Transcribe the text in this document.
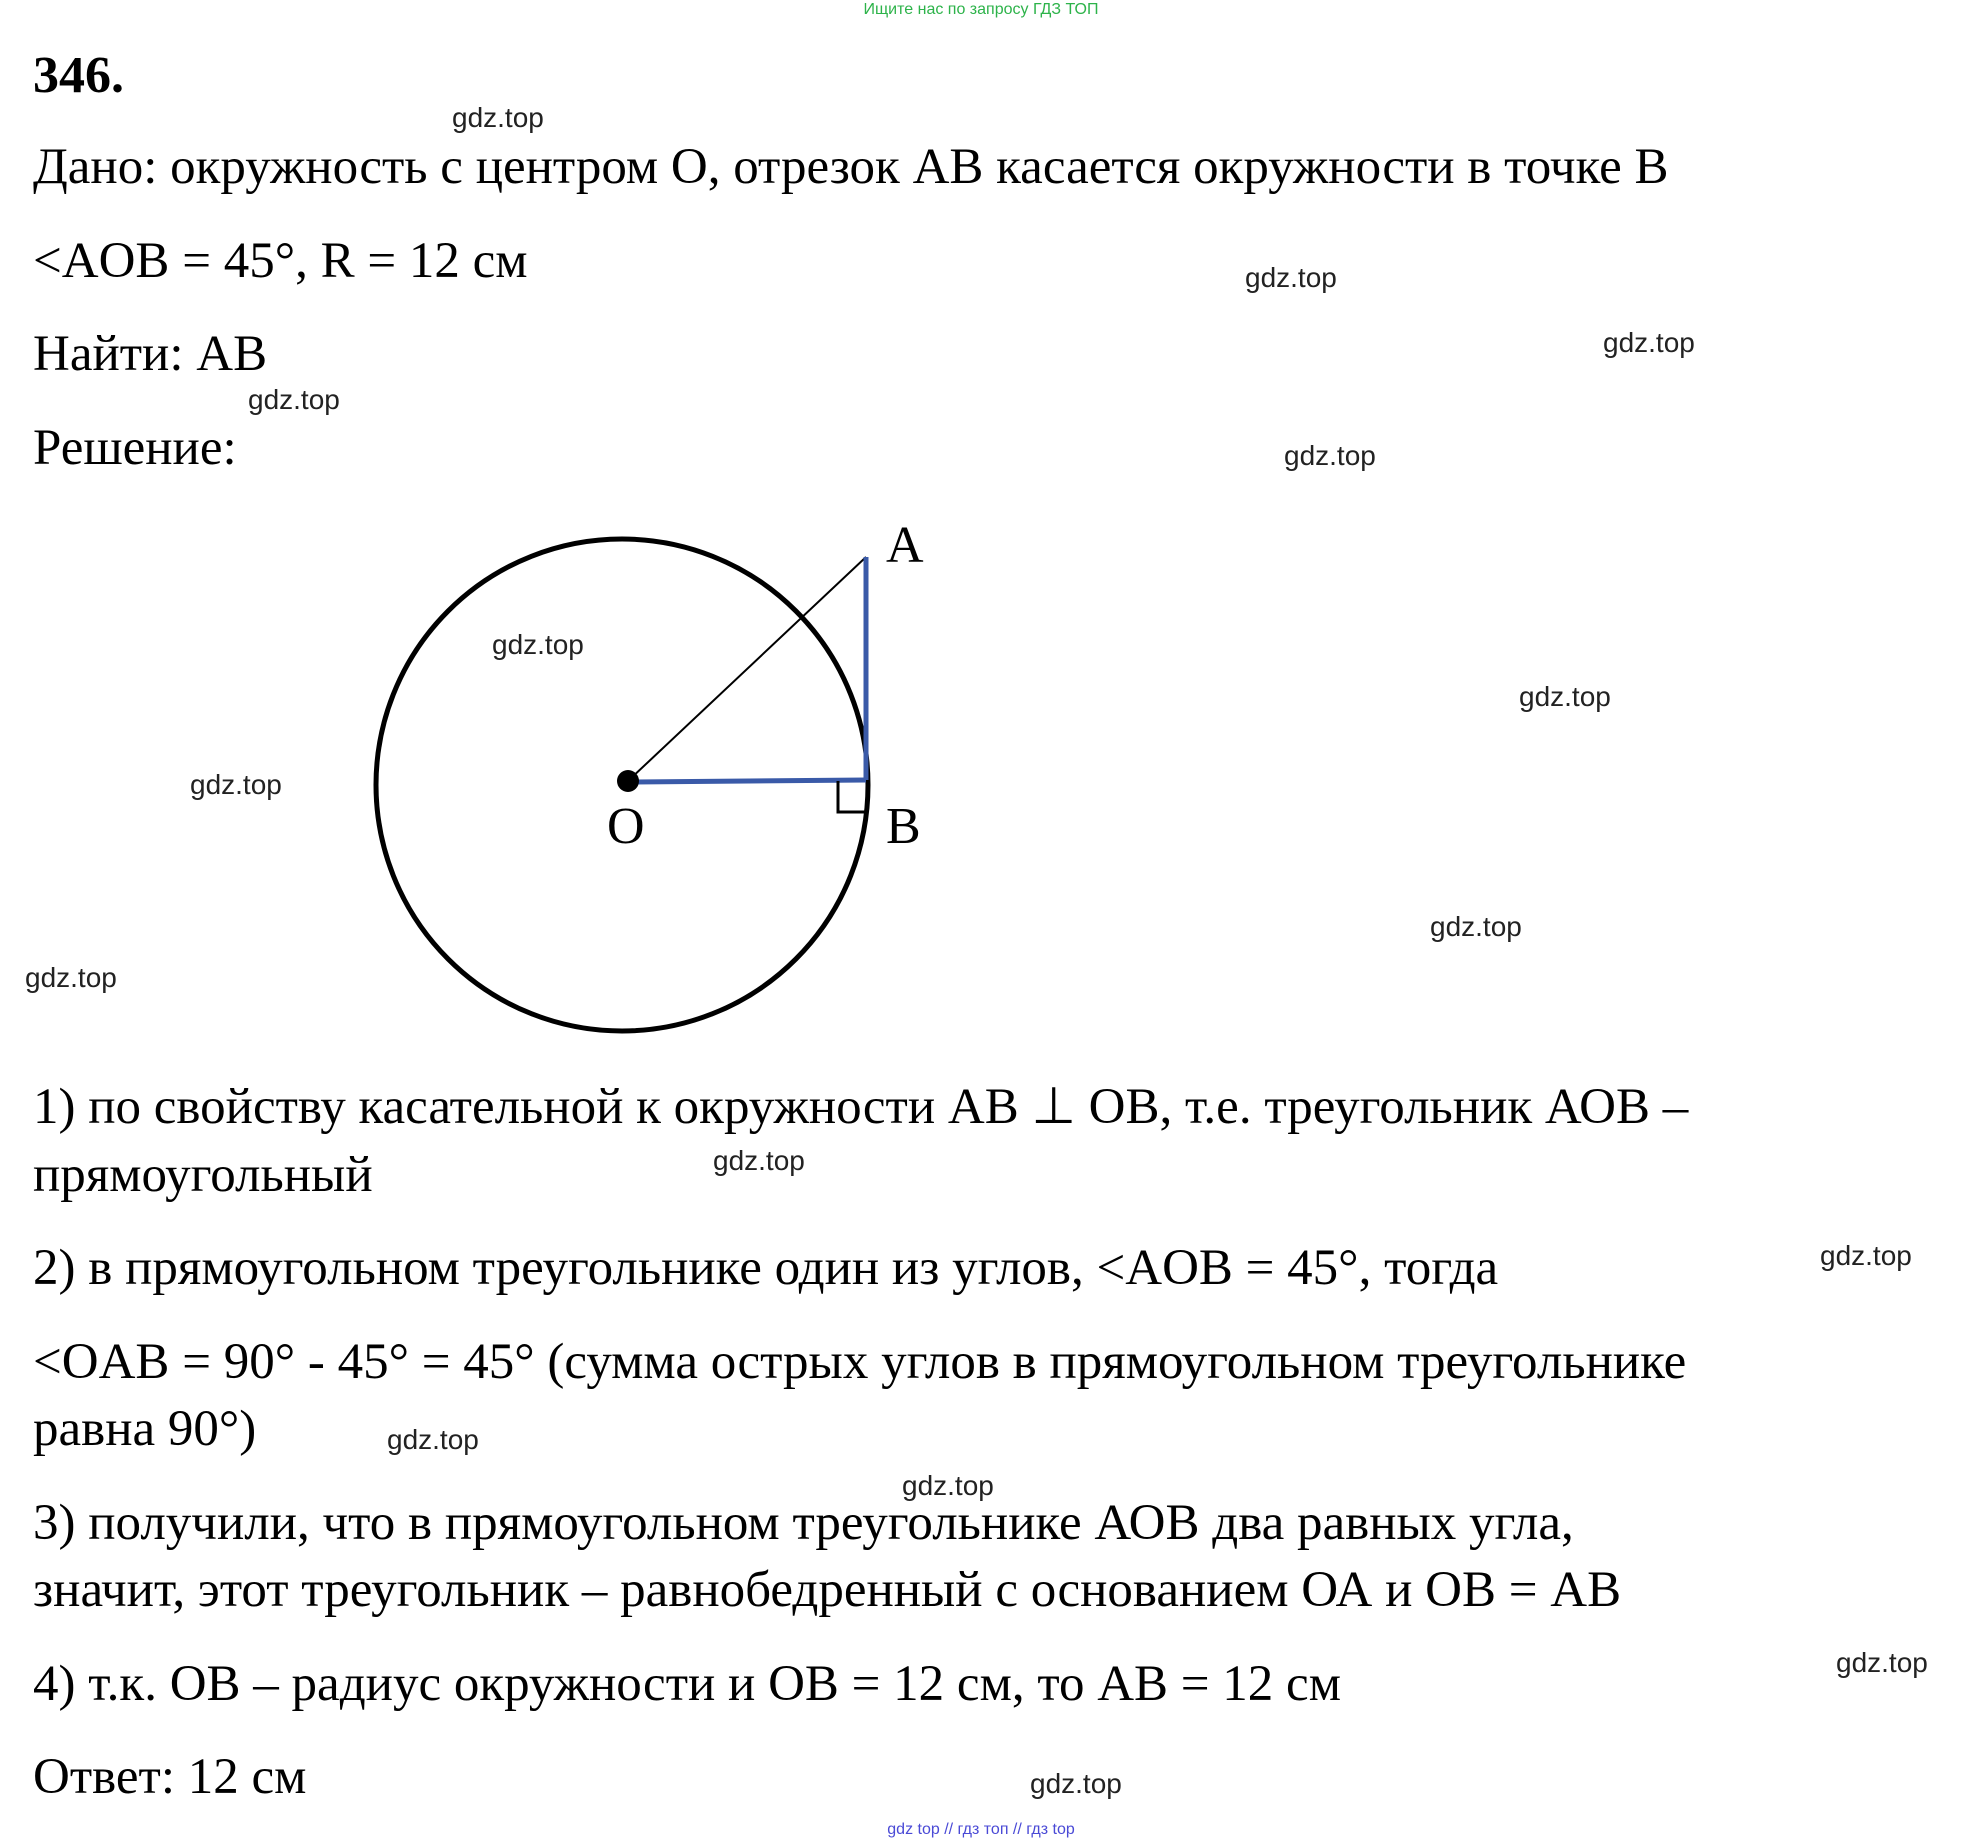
Ищите нас по запросу ГДЗ ТОП
346.
Дано: окружность с центром О, отрезок АВ касается окружности в точке В
<AOB = 45°, R = 12 см
Найти: АВ
Решение:
A
O	B
1) по свойству касательной к окружности АВ ⊥ ОВ, т.е. треугольник АОВ –
прямоугольный
2) в прямоугольном треугольнике один из углов, <AOB = 45°, тогда
<OAB = 90° - 45° = 45° (сумма острых углов в прямоугольном треугольнике
равна 90°)
3) получили, что в прямоугольном треугольнике АОВ два равных угла,
значит, этот треугольник – равнобедренный с основанием ОА и ОВ = АВ
4) т.к. ОВ – радиус окружности и ОВ = 12 см, то АВ = 12 см
Ответ: 12 см
gdz.top
gdz.top
gdz.top
gdz.top
gdz.top
gdz.top
gdz.top
gdz.top
gdz.top
gdz.top
gdz.top
gdz.top
gdz.top
gdz.top
gdz.top
gdz.top
gdz top // гдз топ // гдз top
